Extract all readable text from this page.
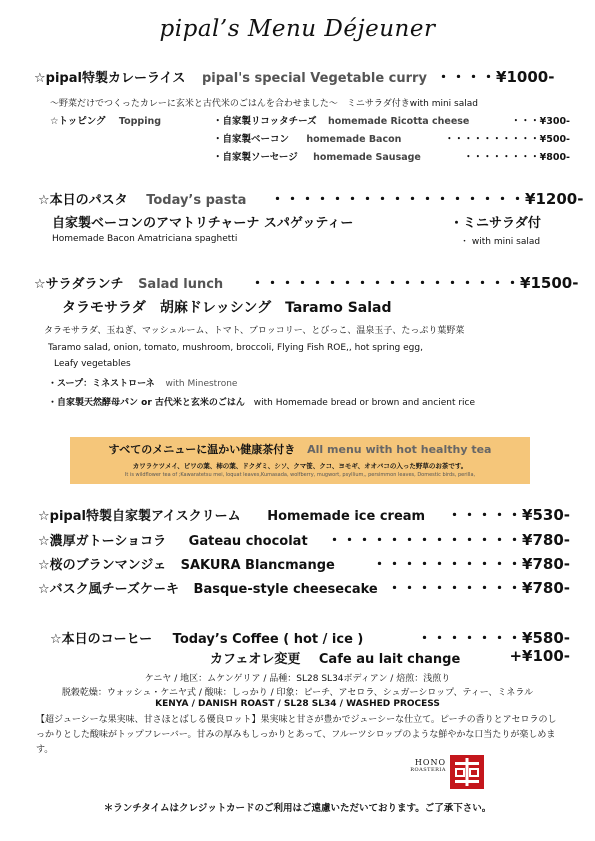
pipal’s Menu Déjeuner
☆pipal特製カレーライス pipal's special Vegetable curry ・・・・¥1000-
〜野菜だけでつくったカレーに玄米と古代米のごはんを合わせました〜　ミニサラダ付きwith mini salad
☆トッピング Topping	・自家製リコッタチーズ homemade Ricotta cheese	・・・¥300-
・自家製ベーコン homemade Bacon	・・・・・・・・・・¥500-
・自家製ソーセージ homemade Sausage	・・・・・・・・¥800-
☆本日のパスタ Today’s pasta ・・・・・・・・・・・・・・・・・¥1200-
自家製ベーコンのアマトリチャーナ スパゲッティー	・ミニサラダ付
Homemade Bacon Amatriciana spaghetti	・ with mini salad
☆サラダランチ Salad lunch ・・・・・・・・・・・・・・・・・・¥1500-
タラモサラダ　胡麻ドレッシング　Taramo Salad
タラモサラダ、玉ねぎ、マッシュルーム、トマト、ブロッコリー、とびっこ、温泉玉子、たっぷり葉野菜
Taramo salad, onion, tomato, mushroom, broccoli, Flying Fish ROE,, hot spring egg,
Leafy vegetables
・スープ：ミネストローネ with Minestrone
・自家製天然酵母パン or 古代米と玄米のごはん with Homemade bread or brown and ancient rice
すべてのメニューに温かい健康茶付き All menu with hot healthy tea
カワラケツメイ、ビワの葉、柿の葉、ドクダミ、シソ、クマ笹、クコ、ヨモギ、オオバコの入った野草のお茶です。
It is wildflower tea of ;Kawaratetsu mei, loquat leaves,Kumasada, wolfberry, mugwort, psyllium,, persimmon leaves, Domestic birds, perilla,
☆pipal特製自家製アイスクリーム Homemade ice cream	・・・・・¥530-
☆濃厚ガトーショコラ Gateau chocolat	・・・・・・・・・・・・・¥780-
☆桜のブランマンジェ SAKURA Blancmange	・・・・・・・・・・¥780-
☆バスク風チーズケーキ Basque-style cheesecake ・・・・・・・・・¥780-
☆本日のコーヒー Today’s Coffee ( hot / ice )	・・・・・・・¥580-
カフェオレ変更 Cafe au lait change	+¥100-
ケニヤ / 地区：ムケンゲリア / 品種：SL28 SL34ボディアン / 焙煎：浅煎り
脱穀乾燥：ウォッシュ・ケニヤ式 / 酸味：しっかり / 印象：ピーチ、アセロラ、シュガーシロップ、ティー、ミネラル
KENYA / DANISH ROAST / SL28 SL34 / WASHED PROCESS
【超ジューシーな果実味、甘さほとばしる優良ロット】果実味と甘さが豊かでジューシーな仕立て。ピーチの香りとアセロラのしっかりとした酸味がトップフレーバー。甘みの厚みもしっかりとあって、フルーツシロップのような鮮やかな口当たりが楽しめます。
HONO
ROASTERIA
＊ランチタイムはクレジットカードのご利用はご遠慮いただいております。ご了承下さい。
